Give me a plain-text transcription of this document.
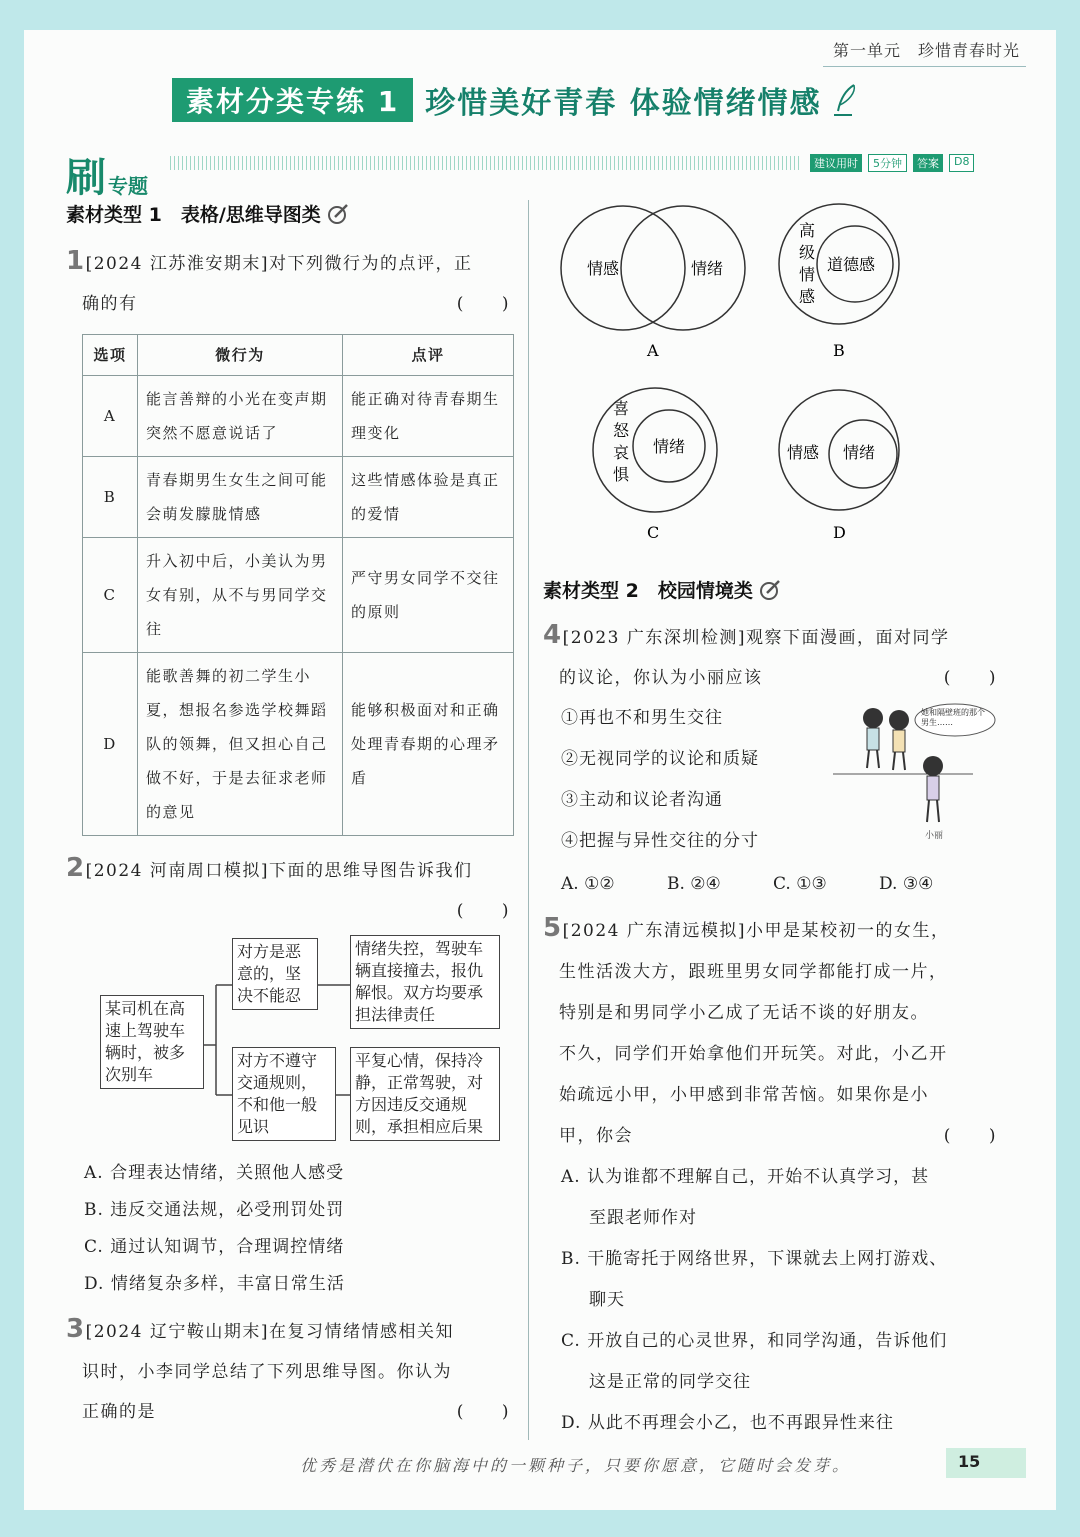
第一单元　珍惜青春时光
素材分类专练 1 珍惜美好青春 体验情绪情感
刷 专题
建议用时	5分钟	答案	D8
素材类型 1　表格/思维导图类
1[2024 江苏淮安期末]对下列微行为的点评，正
确的有	(　　)
选项	微行为	点评
A	能言善辩的小光在变声期突然不愿意说话了	能正确对待青春期生理变化
B	青春期男生女生之间可能会萌发朦胧情感	这些情感体验是真正的爱情
C	升入初中后，小美认为男女有别，从不与男同学交往	严守男女同学不交往的原则
D	能歌善舞的初二学生小夏，想报名参选学校舞蹈队的领舞，但又担心自己做不好，于是去征求老师的意见	能够积极面对和正确处理青春期的心理矛盾
2[2024 河南周口模拟]下面的思维导图告诉我们

(　　)
某司机在高速上驾驶车辆时，被多次别车
对方是恶意的，坚决不能忍
对方不遵守交通规则，不和他一般见识
情绪失控，驾驶车辆直接撞去，报仇解恨。双方均要承担法律责任
平复心情，保持冷静，正常驾驶，对方因违反交通规则，承担相应后果
A. 合理表达情绪，关照他人感受
B. 违反交通法规，必受刑罚处罚
C. 通过认知调节，合理调控情绪
D. 情绪复杂多样，丰富日常生活
3[2024 辽宁鞍山期末]在复习情绪情感相关知
识时，小李同学总结了下列思维导图。你认为
正确的是	(　　)
情感	情绪
A
高级情感
道德感
B
喜怒哀惧
情绪
C
情感 情绪
D
素材类型 2　校园情境类
4[2023 广东深圳检测]观察下面漫画，面对同学
的议论，你认为小丽应该	(　　)
①再也不和男生交往
②无视同学的议论和质疑
③主动和议论者沟通
④把握与异性交往的分寸
她和隔壁班的那个男生……
小丽
A. ①②	B. ②④	C. ①③	D. ③④
5[2024 广东清远模拟]小甲是某校初一的女生，
生性活泼大方，跟班里男女同学都能打成一片，
特别是和男同学小乙成了无话不谈的好朋友。
不久，同学们开始拿他们开玩笑。对此，小乙开
始疏远小甲，小甲感到非常苦恼。如果你是小
甲，你会	(　　)
A. 认为谁都不理解自己，开始不认真学习，甚
至跟老师作对
B. 干脆寄托于网络世界，下课就去上网打游戏、
聊天
C. 开放自己的心灵世界，和同学沟通，告诉他们
这是正常的同学交往
D. 从此不再理会小乙，也不再跟异性来往
优秀是潜伏在你脑海中的一颗种子，只要你愿意，它随时会发芽。	15
